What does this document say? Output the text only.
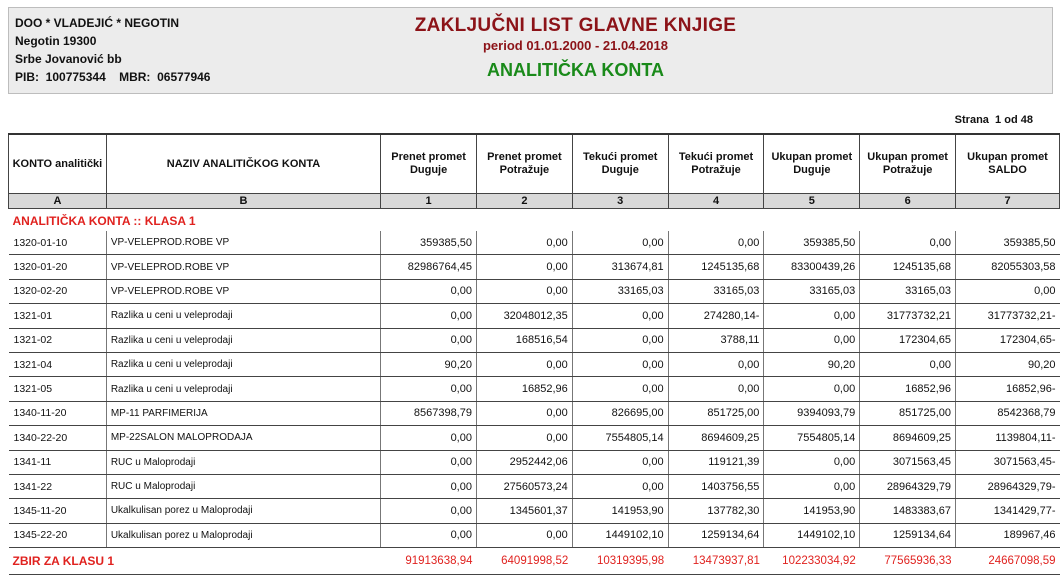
DOO * VLADEJIĆ * NEGOTIN
Negotin 19300
Srbe Jovanović bb
PIB: 100775344 MBR: 06577946
ZAKLJUČNI LIST GLAVNE KNJIGE
period 01.01.2000 - 21.04.2018
ANALITIČKA KONTA
Strana 1 od 48
KONTO analitički	NAZIV ANALITIČKOG KONTA	Prenet promet Duguje	Prenet promet Potražuje	Tekući promet Duguje	Tekući promet Potražuje	Ukupan promet Duguje	Ukupan promet Potražuje	Ukupan promet SALDO
A	B	1	2	3	4	5	6	7
ANALITIČKA KONTA :: KLASA 1								
1320-01-10	VP-VELEPROD.ROBE VP	359385,50	0,00	0,00	0,00	359385,50	0,00	359385,50
1320-01-20	VP-VELEPROD.ROBE VP	82986764,45	0,00	313674,81	1245135,68	83300439,26	1245135,68	82055303,58
1320-02-20	VP-VELEPROD.ROBE VP	0,00	0,00	33165,03	33165,03	33165,03	33165,03	0,00
1321-01	Razlika u ceni u veleprodaji	0,00	32048012,35	0,00	274280,14-	0,00	31773732,21	31773732,21-
1321-02	Razlika u ceni u veleprodaji	0,00	168516,54	0,00	3788,11	0,00	172304,65	172304,65-
1321-04	Razlika u ceni u veleprodaji	90,20	0,00	0,00	0,00	90,20	0,00	90,20
1321-05	Razlika u ceni u veleprodaji	0,00	16852,96	0,00	0,00	0,00	16852,96	16852,96-
1340-11-20	MP-11 PARFIMERIJA	8567398,79	0,00	826695,00	851725,00	9394093,79	851725,00	8542368,79
1340-22-20	MP-22SALON MALOPRODAJA	0,00	0,00	7554805,14	8694609,25	7554805,14	8694609,25	1139804,11-
1341-11	RUC u Maloprodaji	0,00	2952442,06	0,00	119121,39	0,00	3071563,45	3071563,45-
1341-22	RUC u Maloprodaji	0,00	27560573,24	0,00	1403756,55	0,00	28964329,79	28964329,79-
1345-11-20	Ukalkulisan porez u Maloprodaji	0,00	1345601,37	141953,90	137782,30	141953,90	1483383,67	1341429,77-
1345-22-20	Ukalkulisan porez u Maloprodaji	0,00	0,00	1449102,10	1259134,64	1449102,10	1259134,64	189967,46
ZBIR ZA KLASU 1		91913638,94	64091998,52	10319395,98	13473937,81	102233034,92	77565936,33	24667098,59
